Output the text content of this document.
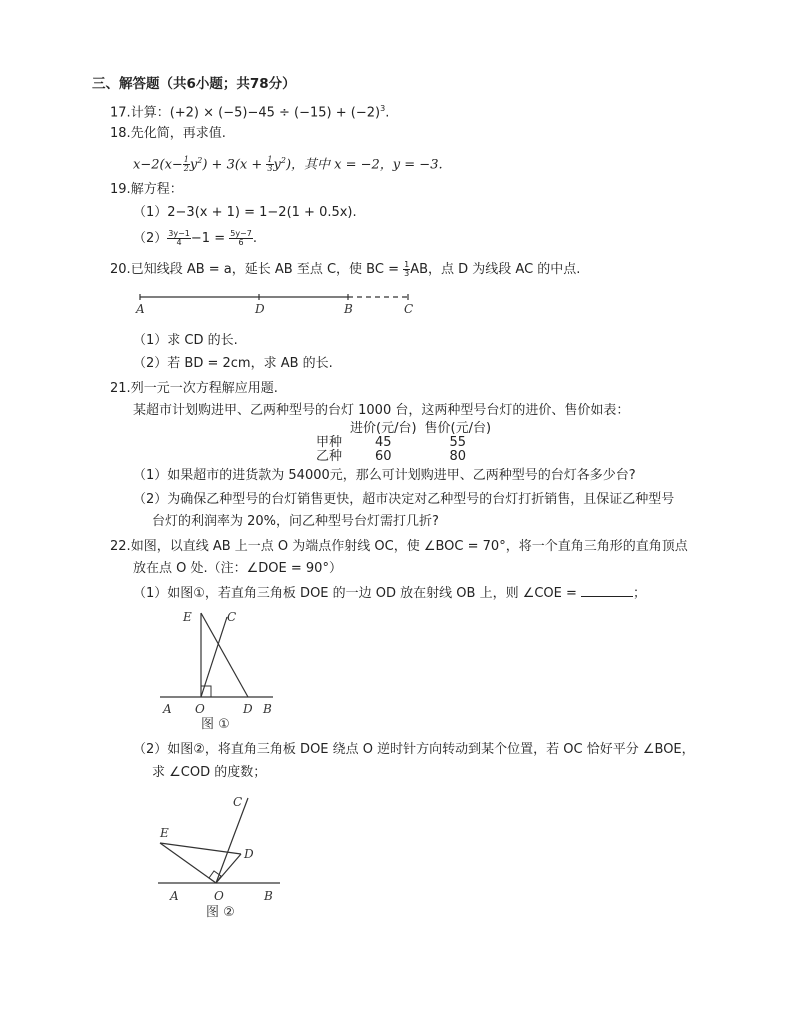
三、解答题（共6小题；共78分）
17.计算：$(+2) \times (-5)-45 \div (-15) + (-2)^3$.
18.先化简，再求值.
$x-2(x- \frac{1}{2} y^2) + 3(x + \frac{1}{3} y^2)$，其中 x = −2，y = −3.
19.解方程：
（1）2−3(x + 1) = 1−2(1 + 0.5x).
$(2) \frac{3y-1}{4} -1 = \frac{5y-7}{6}$ .
20.已知线段 AB = a，延长 AB 至点 C，使 BC = $\frac{1}{3}$ AB，点 D 为线段 AC 的中点.
A	D	B	C
（1）求 CD 的长.
（2）若 BD = 2cm，求 AB 的长.
21.列一元一次方程解应用题.
某超市计划购进甲、乙两种型号的台灯 1000 台，这两种型号台灯的进价、售价如表：
	进价(元/台)	售价(元/台)
甲种	45	55
乙种	60	80
（1）如果超市的进货款为 54000元，那么可计划购进甲、乙两种型号的台灯各多少台?
（2）为确保乙种型号的台灯销售更快，超市决定对乙种型号的台灯打折销售，且保证乙种型号
台灯的利润率为 20%，问乙种型号台灯需打几折?
22.如图，以直线 AB 上一点 O 为端点作射线 OC，使 ∠BOC = 70°，将一个直角三角形的直角顶点
放在点 O 处.（注：∠DOE = 90°）
（1）如图①，若直角三角板 DOE 的一边 OD 放在射线 OB 上，则 ∠COE =	；
E	C
A O	D B
图 ①
（2）如图②，将直角三角板 DOE 绕点 O 逆时针方向转动到某个位置，若 OC 恰好平分 ∠BOE，
求 ∠COD 的度数；
C
E
D
A	O	B
图 ②
